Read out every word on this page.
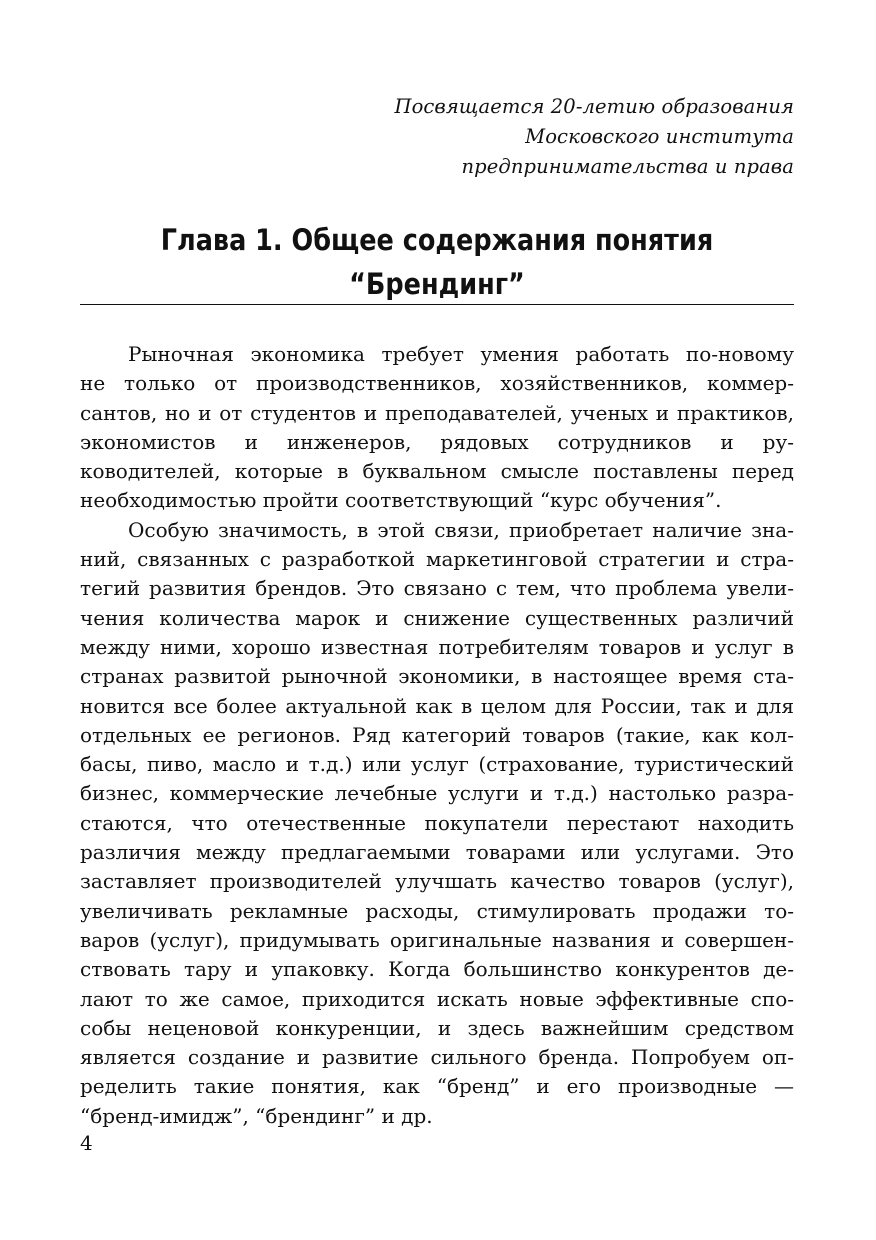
Посвящается 20-летию образования
Московского института
предпринимательства и права
Глава 1. Общее содержания понятия
“Брендинг”
Рыночная экономика требует умения работать по-новому
не только от производственников, хозяйственников, коммер-
сантов, но и от студентов и преподавателей, ученых и практиков,
экономистов и инженеров, рядовых сотрудников и ру-
ководителей, которые в буквальном смысле поставлены перед
необходимостью пройти соответствующий “курс обучения”.
Особую значимость, в этой связи, приобретает наличие зна-
ний, связанных с разработкой маркетинговой стратегии и стра-
тегий развития брендов. Это связано с тем, что проблема увели-
чения количества марок и снижение существенных различий
между ними, хорошо известная потребителям товаров и услуг в
странах развитой рыночной экономики, в настоящее время ста-
новится все более актуальной как в целом для России, так и для
отдельных ее регионов. Ряд категорий товаров (такие, как кол-
басы, пиво, масло и т.д.) или услуг (страхование, туристический
бизнес, коммерческие лечебные услуги и т.д.) настолько разра-
стаются, что отечественные покупатели перестают находить
различия между предлагаемыми товарами или услугами. Это
заставляет производителей улучшать качество товаров (услуг),
увеличивать рекламные расходы, стимулировать продажи то-
варов (услуг), придумывать оригинальные названия и совершен-
ствовать тару и упаковку. Когда большинство конкурентов де-
лают то же самое, приходится искать новые эффективные спо-
собы неценовой конкуренции, и здесь важнейшим средством
является создание и развитие сильного бренда. Попробуем оп-
ределить такие понятия, как “бренд” и его производные —
“бренд-имидж”, “брендинг” и др.
4
